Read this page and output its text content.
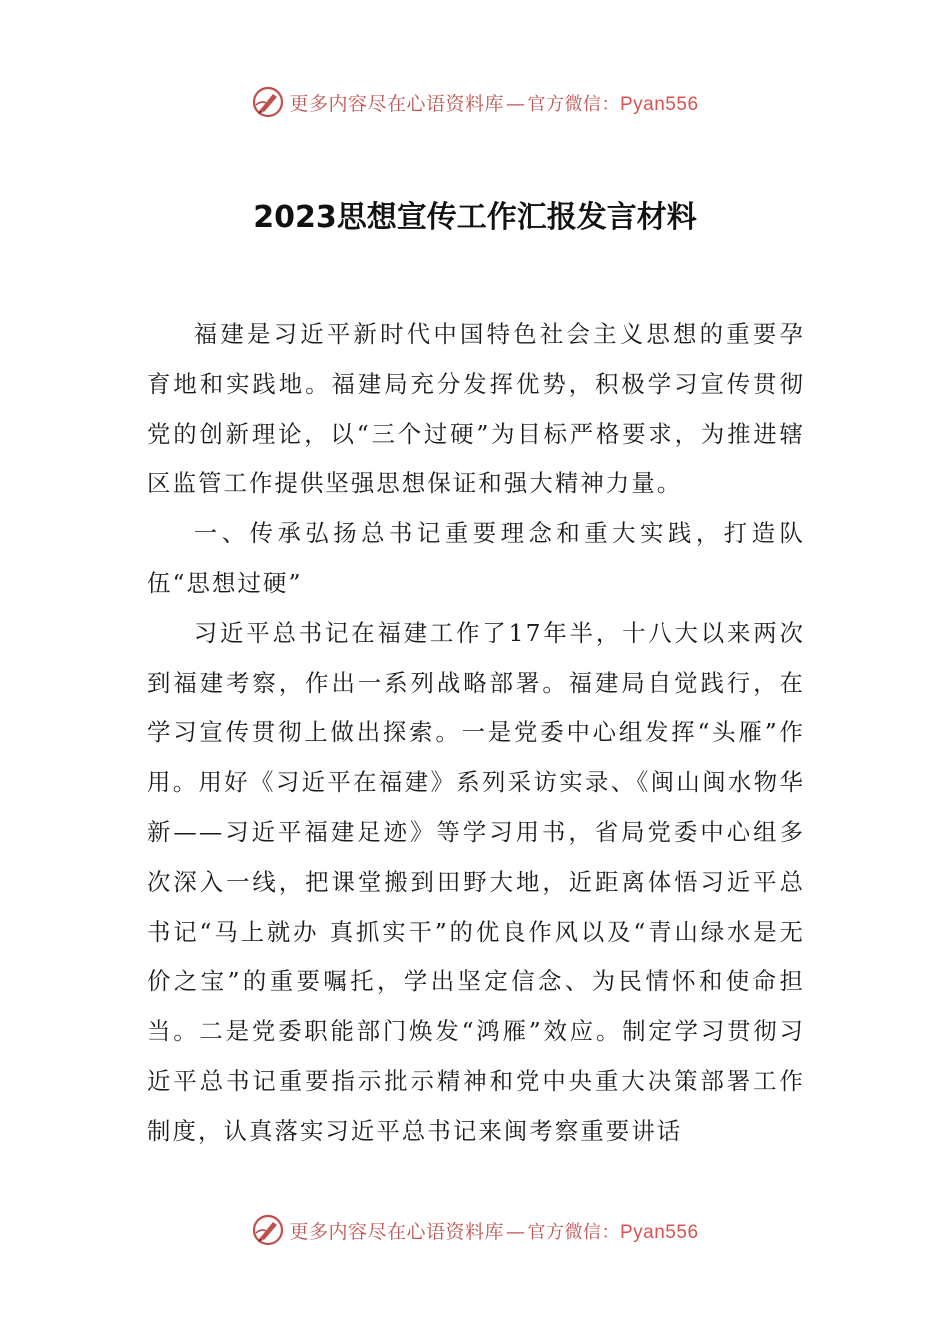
更多内容尽在心语资料库 — 官方微信：Pyan556
2023思想宣传工作汇报发言材料

福建是习近平新时代中国特色社会主义思想的重要孕育地和实践地。福建局充分发挥优势，积极学习宣传贯彻党的创新理论，以“三个过硬”为目标严格要求，为推进辖区监管工作提供坚强思想保证和强大精神力量。

一、传承弘扬总书记重要理念和重大实践，打造队伍“思想过硬”

习近平总书记在福建工作了17年半，十八大以来两次到福建考察，作出一系列战略部署。福建局自觉践行，在学习宣传贯彻上做出探索。一是党委中心组发挥“头雁”作用。用好《习近平在福建》系列采访实录、《闽山闽水物华新——习近平福建足迹》等学习用书，省局党委中心组多次深入一线，把课堂搬到田野大地，近距离体悟习近平总书记“马上就办 真抓实干”的优良作风以及“青山绿水是无价之宝”的重要嘱托，学出坚定信念、为民情怀和使命担当。二是党委职能部门焕发“鸿雁”效应。制定学习贯彻习近平总书记重要指示批示精神和党中央重大决策部署工作制度，认真落实习近平总书记来闽考察重要讲话

更多内容尽在心语资料库 — 官方微信：Pyan556
